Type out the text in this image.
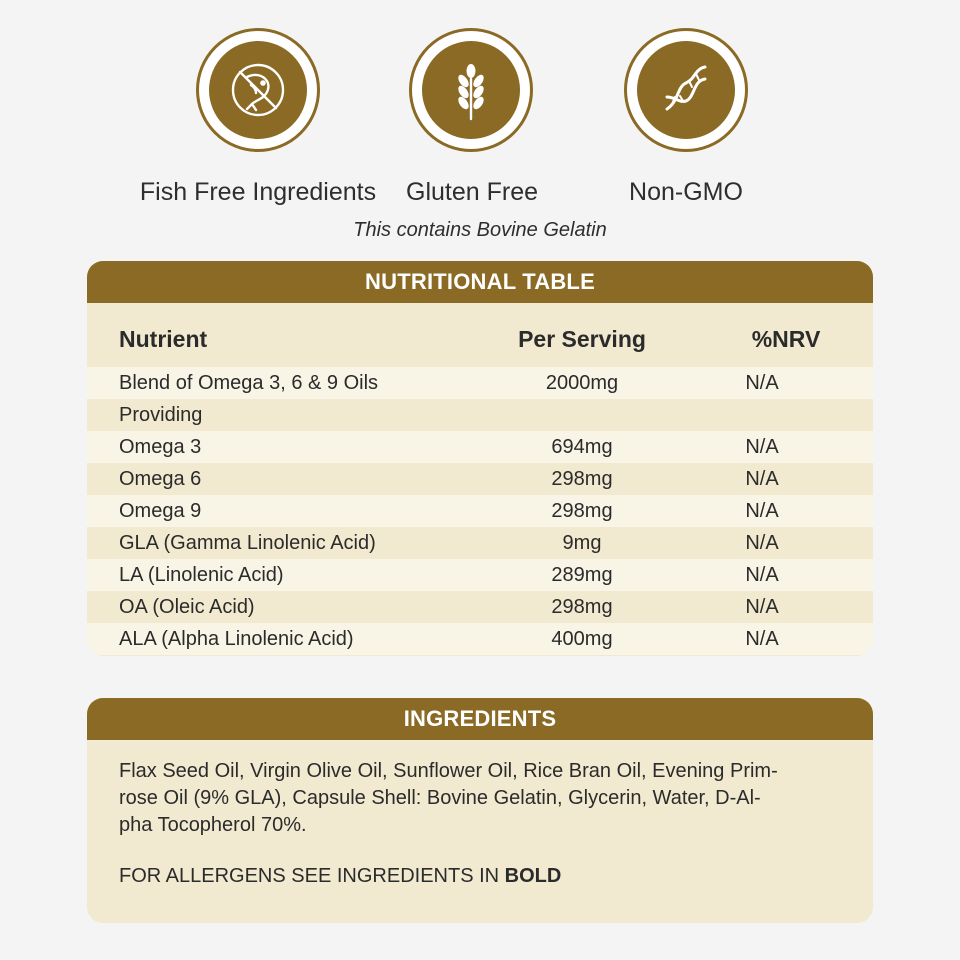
Fish Free Ingredients Gluten Free	Non-GMO
This contains Bovine Gelatin
NUTRITIONAL TABLE
Nutrient	Per Serving	%NRV
Blend of Omega 3, 6 & 9 Oils	2000mg	N/A
Providing
Omega 3	694mg	N/A
Omega 6	298mg	N/A
Omega 9	298mg	N/A
GLA (Gamma Linolenic Acid)	9mg	N/A
LA (Linolenic Acid)	289mg	N/A
OA (Oleic Acid)	298mg	N/A
ALA (Alpha Linolenic Acid)	400mg	N/A
INGREDIENTS
Flax Seed Oil, Virgin Olive Oil, Sunflower Oil, Rice Bran Oil, Evening Prim-
rose Oil (9% GLA), Capsule Shell: Bovine Gelatin, Glycerin, Water, D-Al-
pha Tocopherol 70%.
FOR ALLERGENS SEE INGREDIENTS IN BOLD
